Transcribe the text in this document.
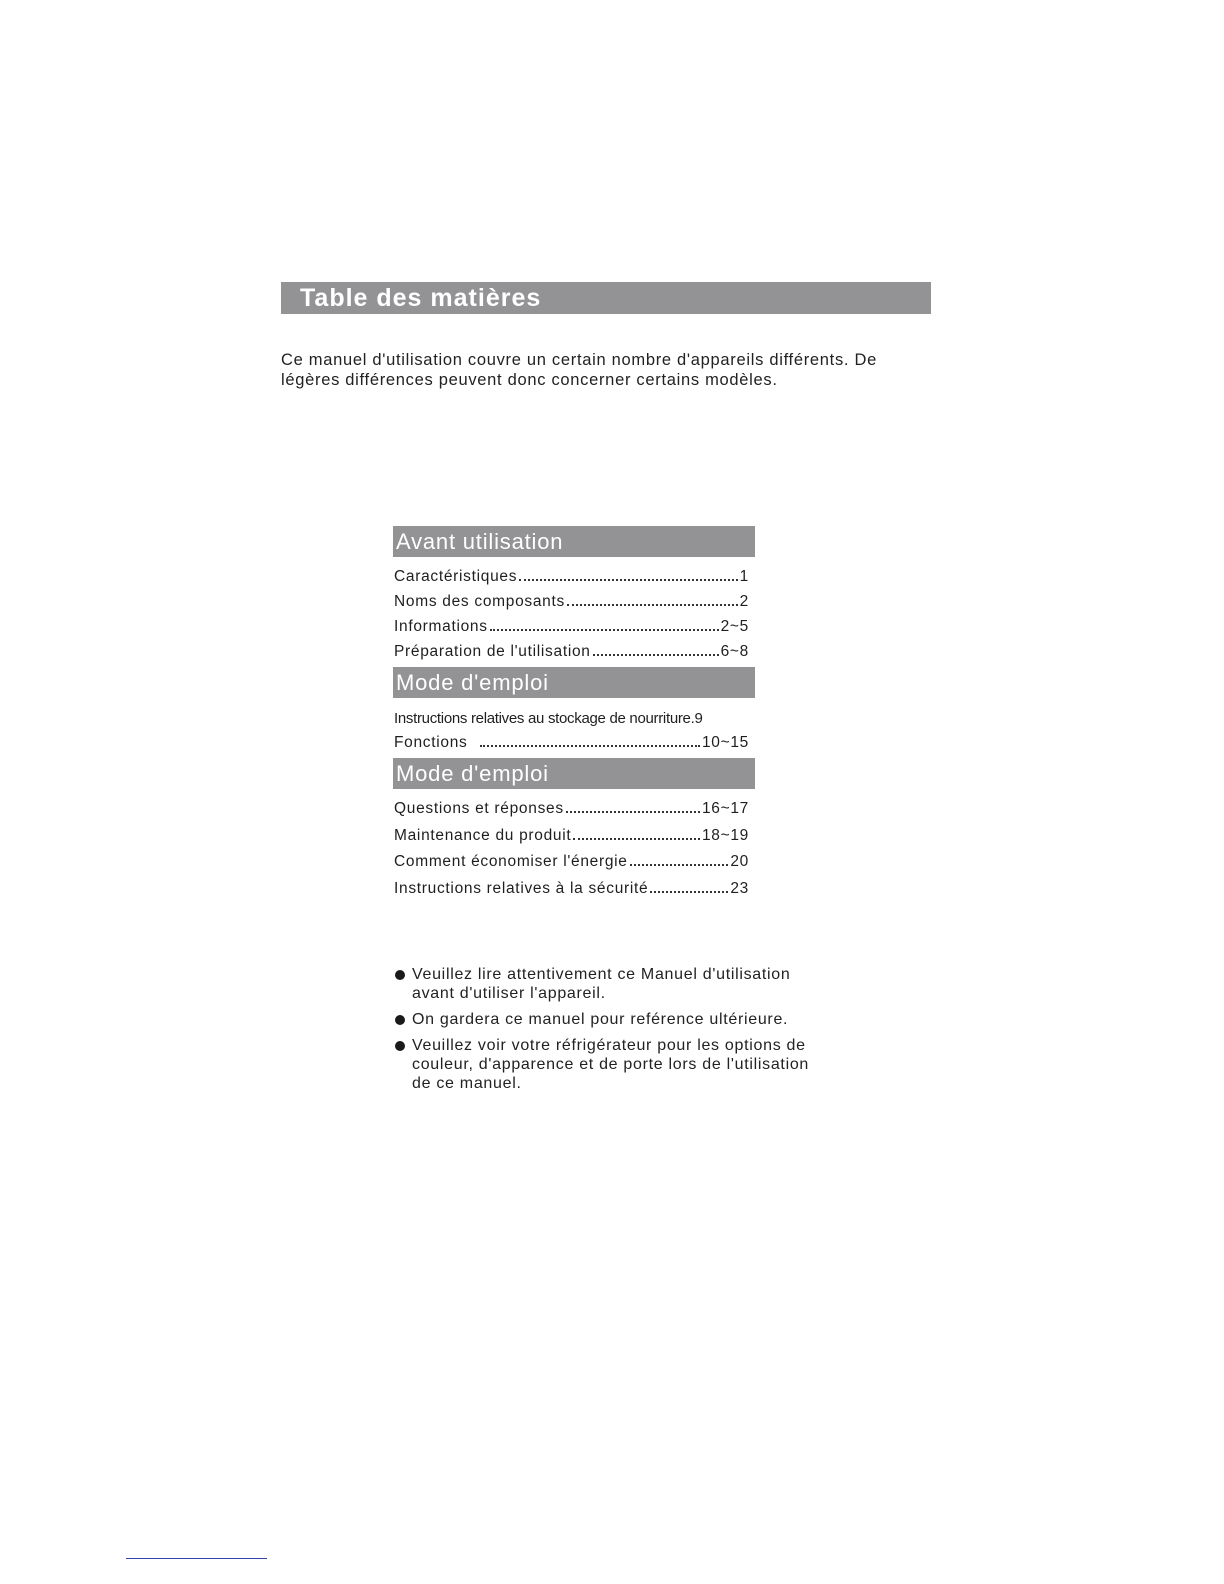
Table des matières

Ce manuel d'utilisation couvre un certain nombre d'appareils différents. De

légères différences peuvent donc concerner certains modèles.

Avant utilisation
Caractéristiques	1
Noms des composants	2
Informations	2~5
Préparation de l'utilisation	6~8
Mode d'emploi
Instructions relatives au stockage de nourriture. 9
Fonctions	10~15
Mode d'emploi
Questions et réponses	16~17
Maintenance du produit	18~19
Comment économiser l'énergie	20
Instructions relatives à la sécurité	23
Veuillez lire attentivement ce Manuel d'utilisation
avant d'utiliser l'appareil.
On gardera ce manuel pour reférence ultérieure.
Veuillez voir votre réfrigérateur pour les options de
couleur, d'apparence et de porte lors de l'utilisation
de ce manuel.
